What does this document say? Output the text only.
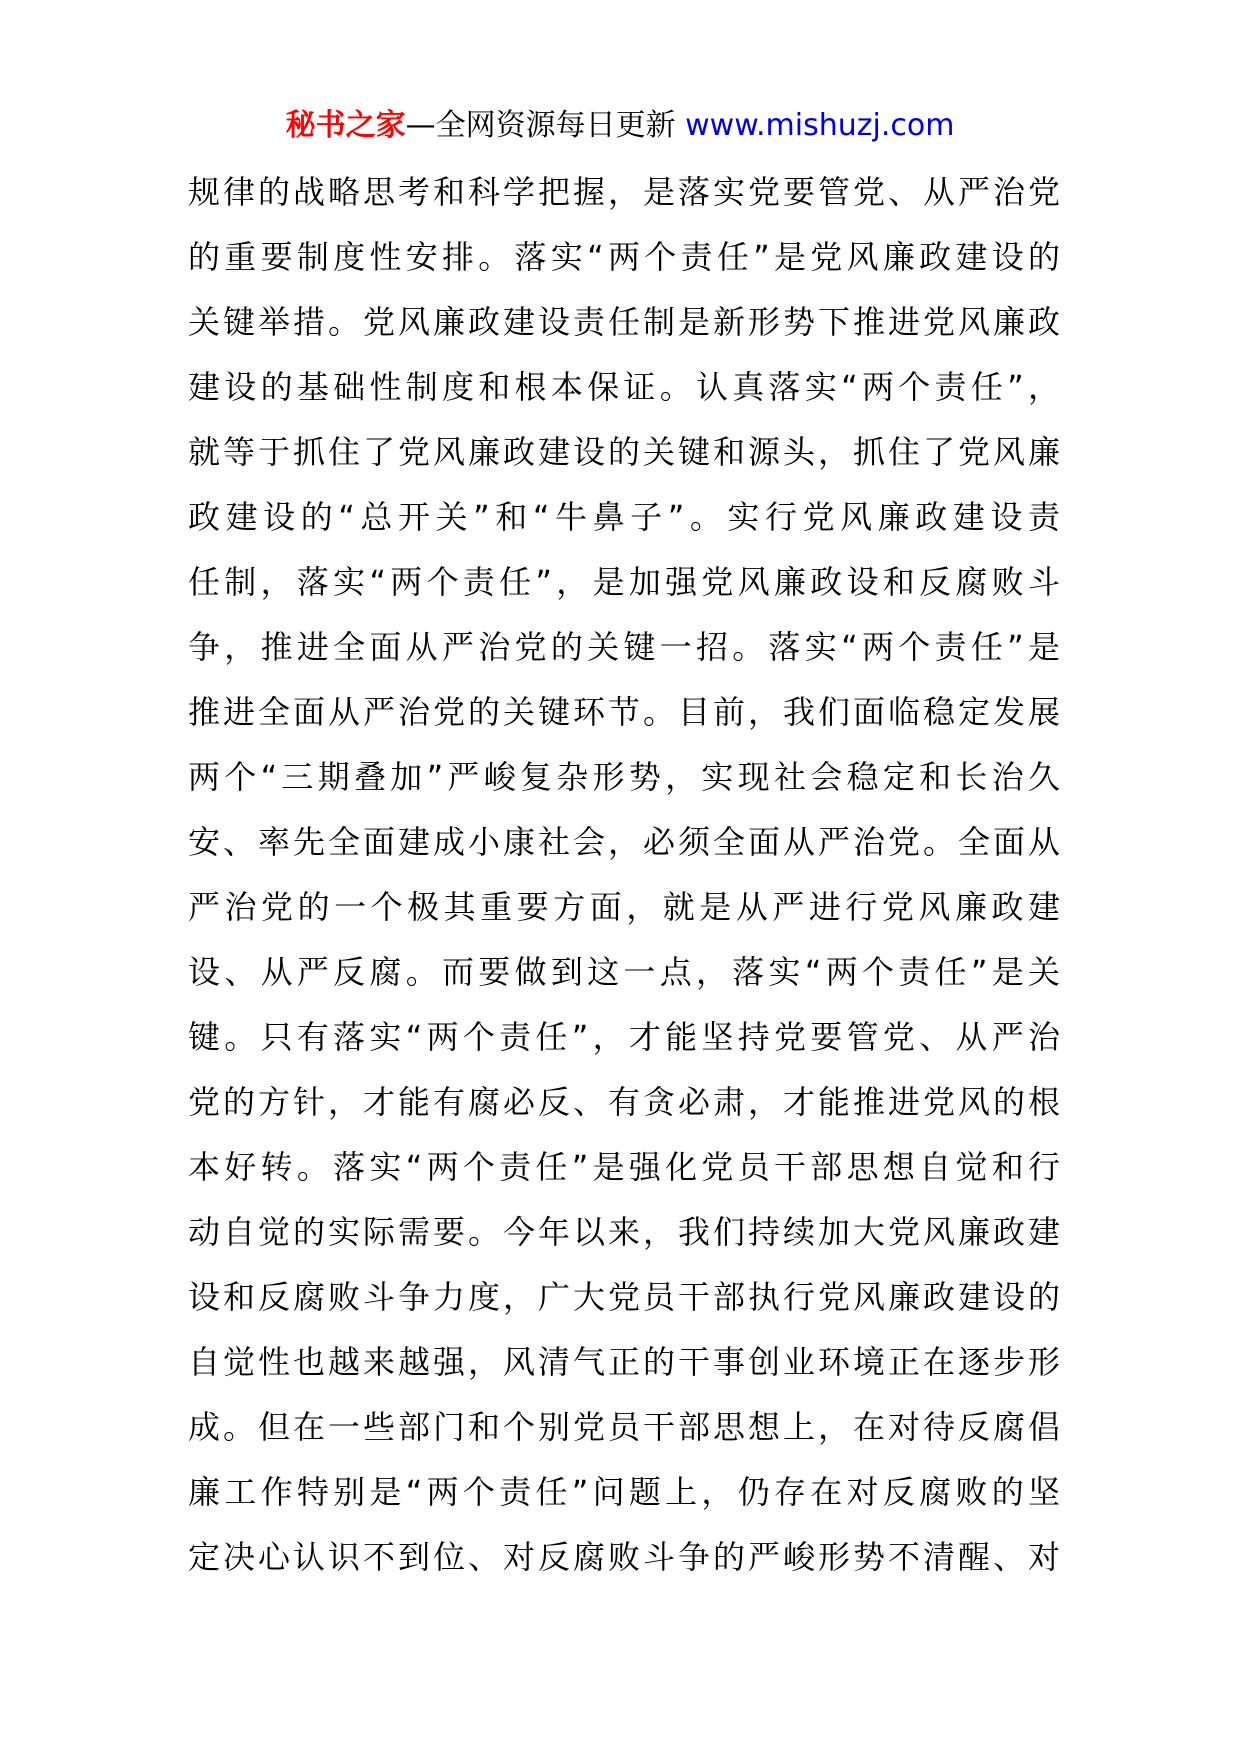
秘书之家—全网资源每日更新 www.mishuzj.com
规律的战略思考和科学把握，是落实党要管党、从严治党
的重要制度性安排。落实“两个责任”是党风廉政建设的
关键举措。党风廉政建设责任制是新形势下推进党风廉政
建设的基础性制度和根本保证。认真落实“两个责任”，
就等于抓住了党风廉政建设的关键和源头，抓住了党风廉
政建设的“总开关”和“牛鼻子”。实行党风廉政建设责
任制，落实“两个责任”，是加强党风廉政设和反腐败斗
争，推进全面从严治党的关键一招。落实“两个责任”是
推进全面从严治党的关键环节。目前，我们面临稳定发展
两个“三期叠加”严峻复杂形势，实现社会稳定和长治久
安、率先全面建成小康社会，必须全面从严治党。全面从
严治党的一个极其重要方面，就是从严进行党风廉政建
设、从严反腐。而要做到这一点，落实“两个责任”是关
键。只有落实“两个责任”，才能坚持党要管党、从严治
党的方针，才能有腐必反、有贪必肃，才能推进党风的根
本好转。落实“两个责任”是强化党员干部思想自觉和行
动自觉的实际需要。今年以来，我们持续加大党风廉政建
设和反腐败斗争力度，广大党员干部执行党风廉政建设的
自觉性也越来越强，风清气正的干事创业环境正在逐步形
成。但在一些部门和个别党员干部思想上，在对待反腐倡
廉工作特别是“两个责任”问题上，仍存在对反腐败的坚
定决心认识不到位、对反腐败斗争的严峻形势不清醒、对
